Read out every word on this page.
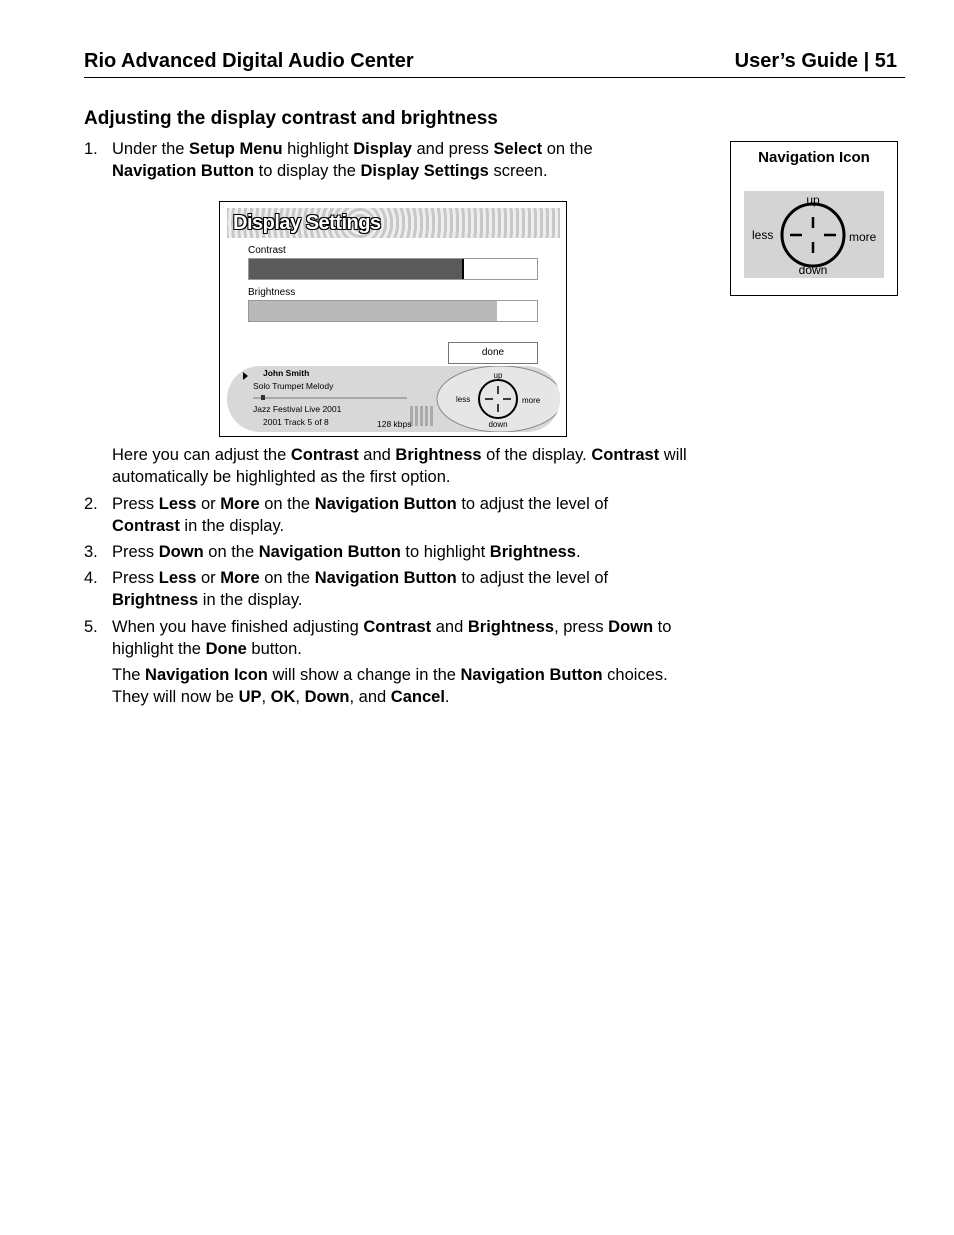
Rio Advanced Digital Audio Center	User’s Guide | 51
Adjusting the display contrast and brightness
1. Under the Setup Menu highlight Display and press Select on the Navigation Button to display the Display Settings screen.
Navigation Icon
up
down
less	more
Display Settings
Contrast
Brightness
done
up
down
less	more
John Smith
Solo Trumpet Melody
Jazz Festival Live 2001
2001 Track 5 of 8	128 kbps
Here you can adjust the Contrast and Brightness of the display. Contrast will automatically be highlighted as the first option.
2. Press Less or More on the Navigation Button to adjust the level of Contrast in the display.
3. Press Down on the Navigation Button to highlight Brightness.
4. Press Less or More on the Navigation Button to adjust the level of Brightness in the display.
5. When you have finished adjusting Contrast and Brightness, press Down to highlight the Done button.
The Navigation Icon will show a change in the Navigation Button choices. They will now be UP, OK, Down, and Cancel.
